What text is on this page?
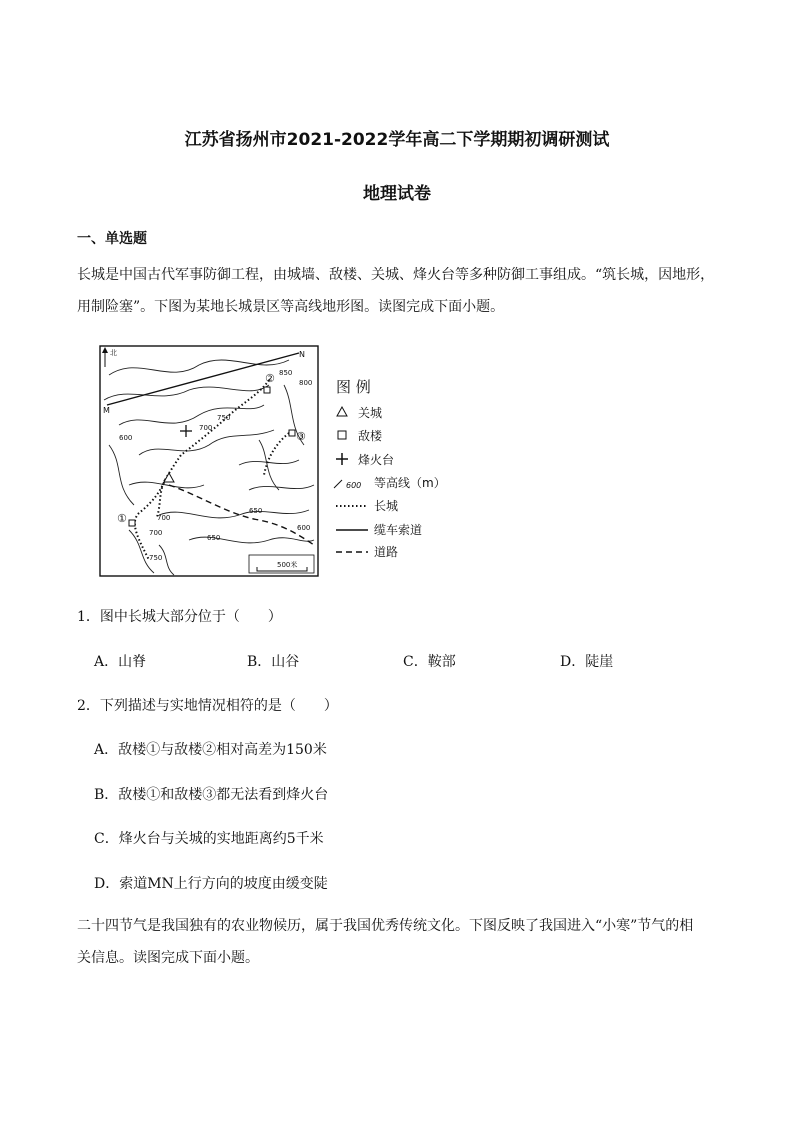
江苏省扬州市2021-2022学年高二下学期期初调研测试
地理试卷
一、单选题
长城是中国古代军事防御工程，由城墙、敌楼、关城、烽火台等多种防御工事组成。“筑长城，因地形，
用制险塞”。下图为某地长城景区等高线地形图。读图完成下面小题。
北
M
N
850
800
750
700
600
700
650
650
600
700
750
500米
②
③
①
图 例
关城
敌楼
烽火台
等高线（m）
600
长城
缆车索道
道路
1．图中长城大部分位于（　　）
A．山脊	B．山谷	C．鞍部	D．陡崖
2．下列描述与实地情况相符的是（　　）
A．敌楼①与敌楼②相对高差为150米
B．敌楼①和敌楼③都无法看到烽火台
C．烽火台与关城的实地距离约5千米
D．索道MN上行方向的坡度由缓变陡
二十四节气是我国独有的农业物候历，属于我国优秀传统文化。下图反映了我国进入“小寒”节气的相
关信息。读图完成下面小题。
